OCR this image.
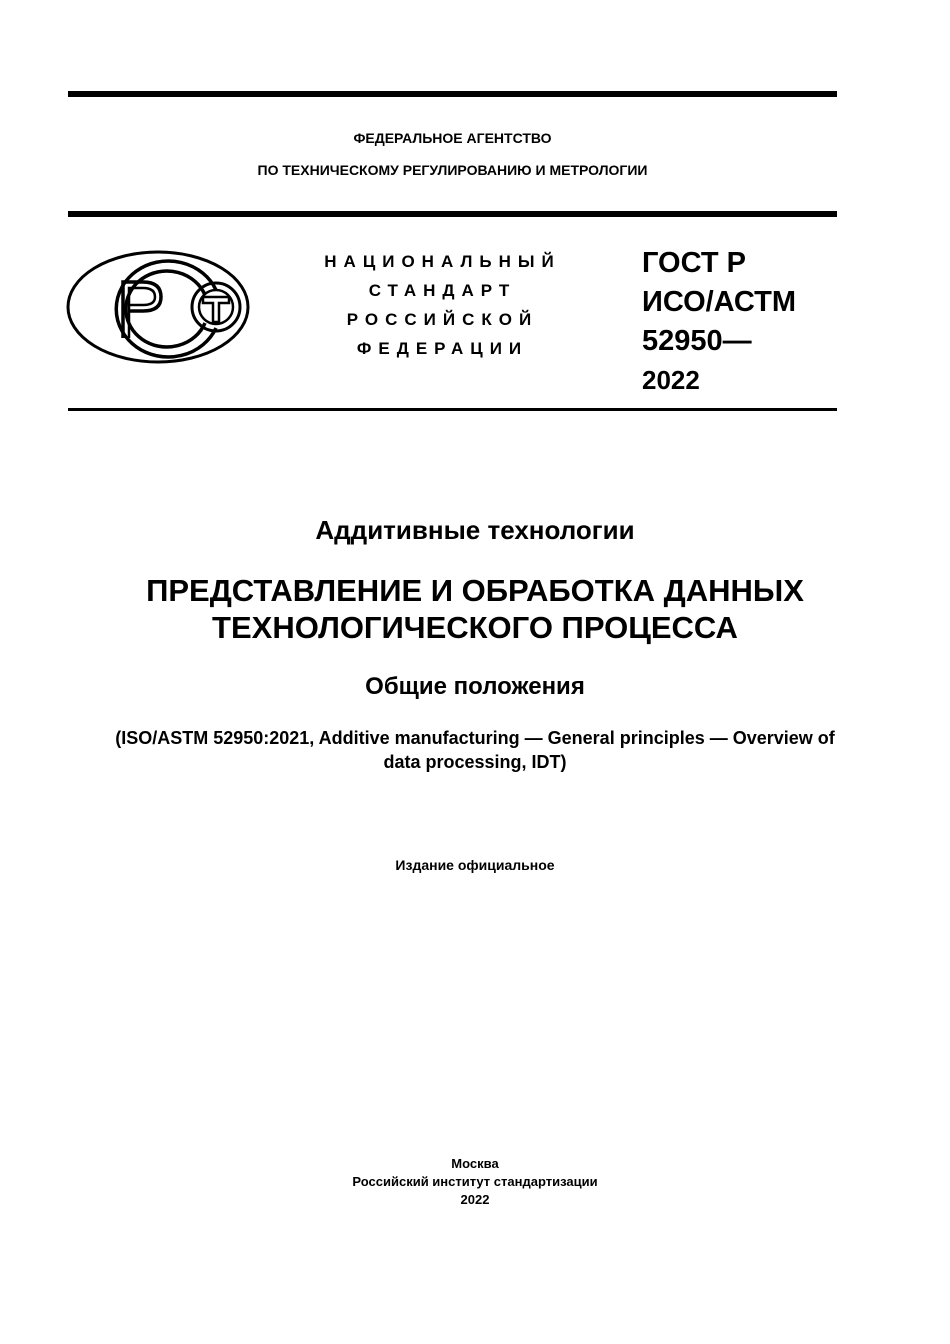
ФЕДЕРАЛЬНОЕ АГЕНТСТВО
ПО ТЕХНИЧЕСКОМУ РЕГУЛИРОВАНИЮ И МЕТРОЛОГИИ
НАЦИОНАЛЬНЫЙ
СТАНДАРТ
РОССИЙСКОЙ
ФЕДЕРАЦИИ
ГОСТ Р
ИСО/АСТМ
52950—
2022
Аддитивные технологии
ПРЕДСТАВЛЕНИЕ И ОБРАБОТКА ДАННЫХ
ТЕХНОЛОГИЧЕСКОГО ПРОЦЕССА
Общие положения
(ISO/ASTM 52950:2021, Additive manufacturing — General principles — Overview of
data processing, IDT)
Издание официальное
Москва
Российский институт стандартизации
2022
